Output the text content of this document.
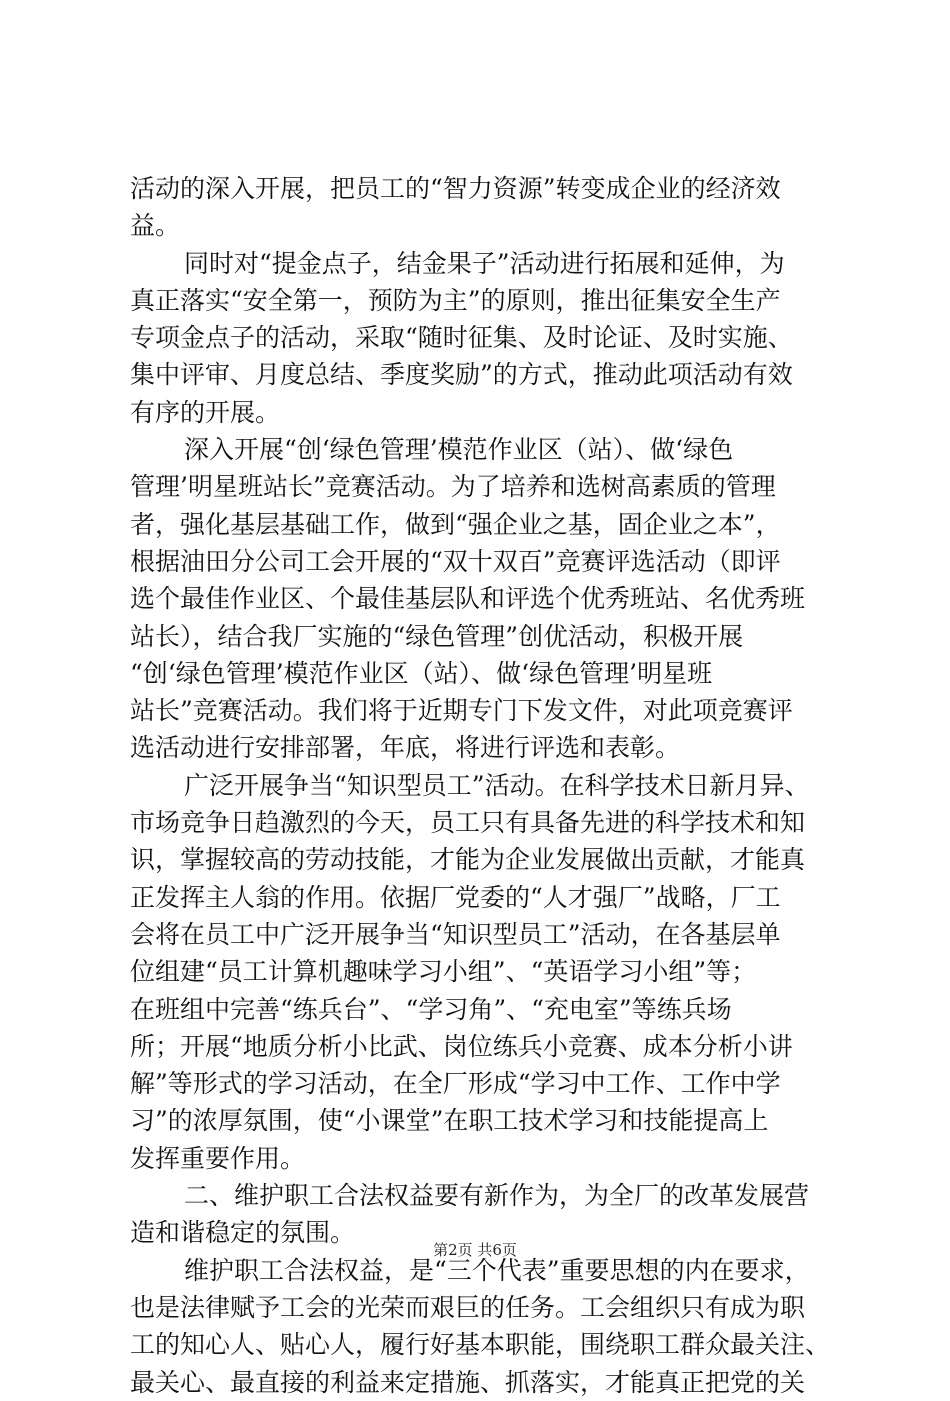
活动的深入开展，把员工的“智力资源”转变成企业的经济效
益。
同时对“提金点子，结金果子”活动进行拓展和延伸，为
真正落实“安全第一，预防为主”的原则，推出征集安全生产
专项金点子的活动，采取“随时征集、及时论证、及时实施、
集中评审、月度总结、季度奖励”的方式，推动此项活动有效
有序的开展。
深入开展“创‘绿色管理’模范作业区（站）、做‘绿色
管理’明星班站长”竞赛活动。为了培养和选树高素质的管理
者，强化基层基础工作，做到“强企业之基，固企业之本”，
根据油田分公司工会开展的“双十双百”竞赛评选活动（即评
选个最佳作业区、个最佳基层队和评选个优秀班站、名优秀班
站长），结合我厂实施的“绿色管理”创优活动，积极开展
“创‘绿色管理’模范作业区（站）、做‘绿色管理’明星班
站长”竞赛活动。我们将于近期专门下发文件，对此项竞赛评
选活动进行安排部署，年底，将进行评选和表彰。
广泛开展争当“知识型员工”活动。在科学技术日新月异、
市场竞争日趋激烈的今天，员工只有具备先进的科学技术和知
识，掌握较高的劳动技能，才能为企业发展做出贡献，才能真
正发挥主人翁的作用。依据厂党委的“人才强厂”战略，厂工
会将在员工中广泛开展争当“知识型员工”活动，在各基层单
位组建“员工计算机趣味学习小组”、“英语学习小组”等；
在班组中完善“练兵台”、“学习角”、“充电室”等练兵场
所；开展“地质分析小比武、岗位练兵小竞赛、成本分析小讲
解”等形式的学习活动，在全厂形成“学习中工作、工作中学
习”的浓厚氛围，使“小课堂”在职工技术学习和技能提高上
发挥重要作用。
二、维护职工合法权益要有新作为，为全厂的改革发展营
造和谐稳定的氛围。
维护职工合法权益，是“三个代表”重要思想的内在要求，
也是法律赋予工会的光荣而艰巨的任务。工会组织只有成为职
工的知心人、贴心人，履行好基本职能，围绕职工群众最关注、
最关心、最直接的利益来定措施、抓落实，才能真正把党的关
第2页 共6页
